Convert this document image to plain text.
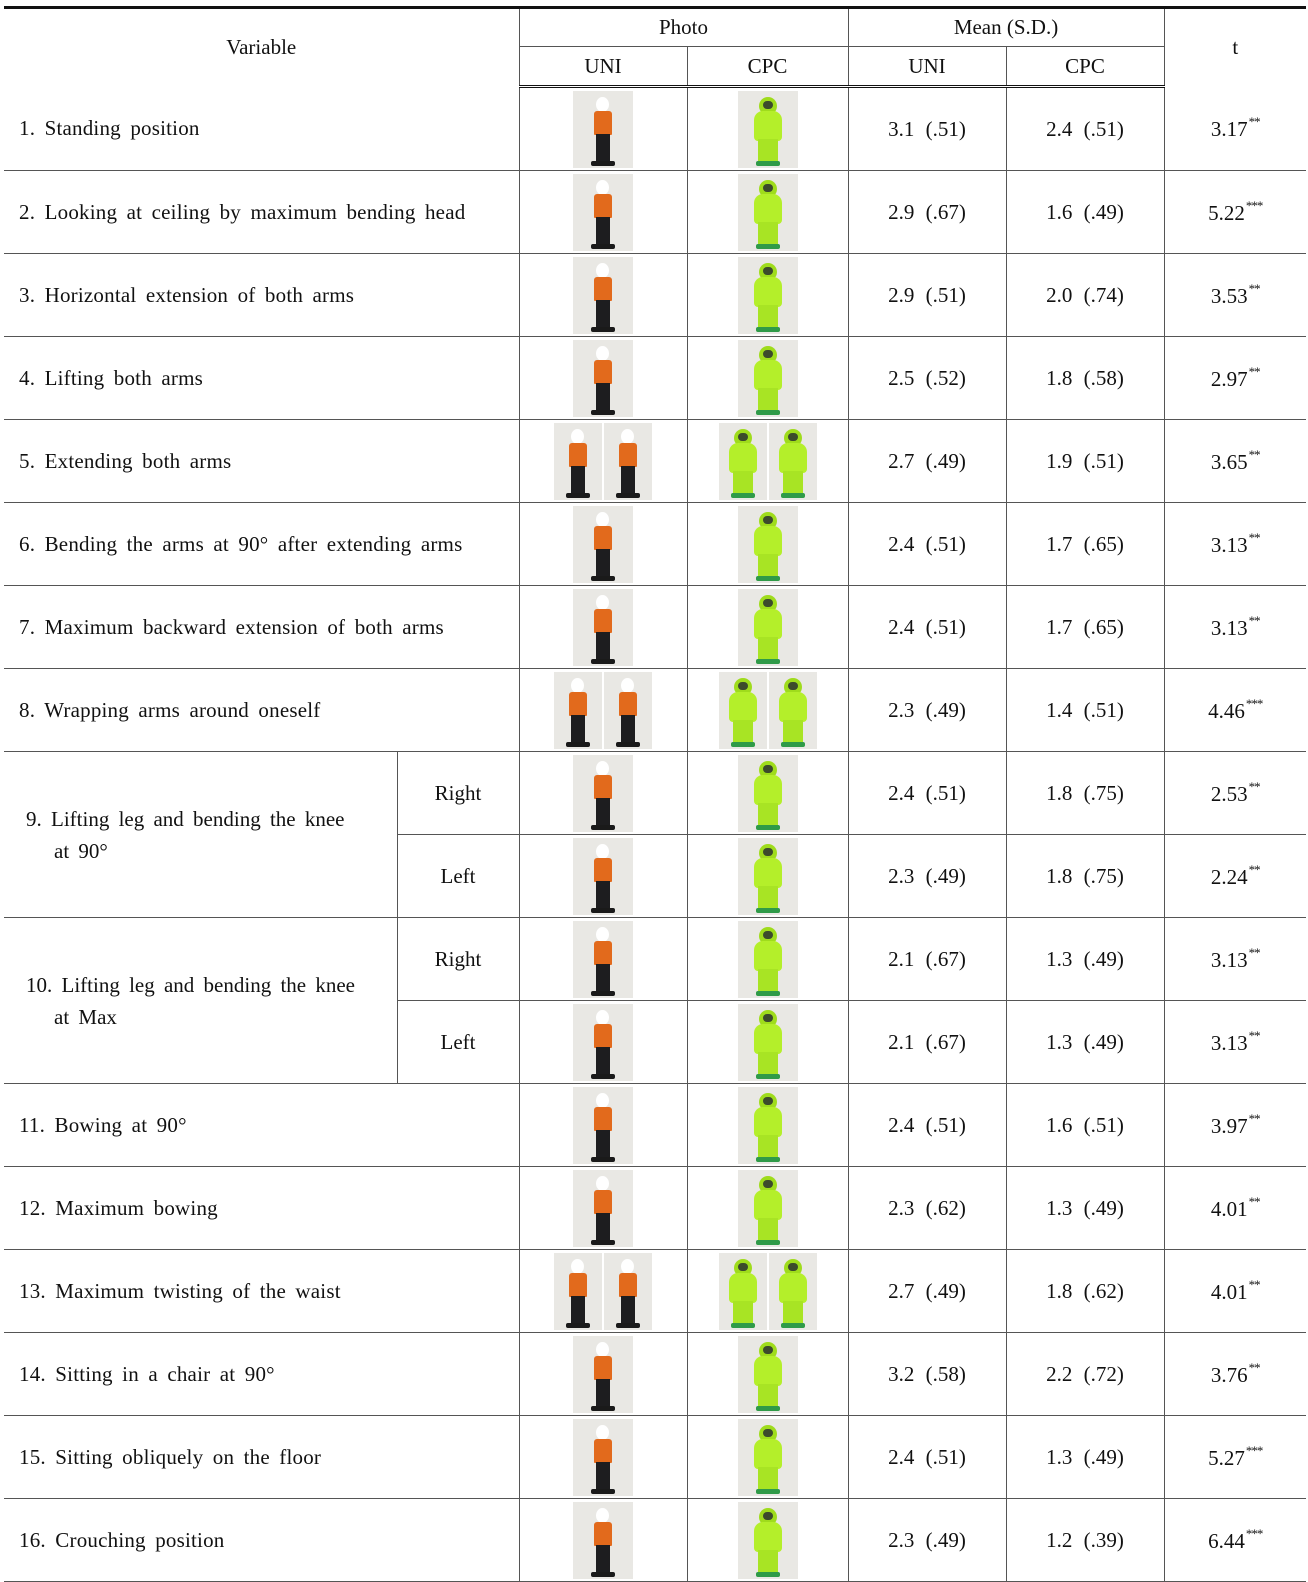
Variable		Photo		Mean (S.D.)		t
		UNI	CPC	UNI	CPC	
1. Standing position				3.1 (.51)	2.4 (.51)	3.17**
2. Looking at ceiling by maximum bending head				2.9 (.67)	1.6 (.49)	5.22***
3. Horizontal extension of both arms				2.9 (.51)	2.0 (.74)	3.53**
4. Lifting both arms				2.5 (.52)	1.8 (.58)	2.97**
5. Extending both arms				2.7 (.49)	1.9 (.51)	3.65**
6. Bending the arms at 90° after extending arms				2.4 (.51)	1.7 (.65)	3.13**
7. Maximum backward extension of both arms				2.4 (.51)	1.7 (.65)	3.13**
8. Wrapping arms around oneself				2.3 (.49)	1.4 (.51)	4.46***
9. Lifting leg and bending the knee
at 90°	Right			2.4 (.51)	1.8 (.75)	2.53**
	Left			2.3 (.49)	1.8 (.75)	2.24**
10. Lifting leg and bending the knee
at Max	Right			2.1 (.67)	1.3 (.49)	3.13**
	Left			2.1 (.67)	1.3 (.49)	3.13**
11. Bowing at 90°				2.4 (.51)	1.6 (.51)	3.97**
12. Maximum bowing				2.3 (.62)	1.3 (.49)	4.01**
13. Maximum twisting of the waist				2.7 (.49)	1.8 (.62)	4.01**
14. Sitting in a chair at 90°				3.2 (.58)	2.2 (.72)	3.76**
15. Sitting obliquely on the floor				2.4 (.51)	1.3 (.49)	5.27***
16. Crouching position				2.3 (.49)	1.2 (.39)	6.44***
